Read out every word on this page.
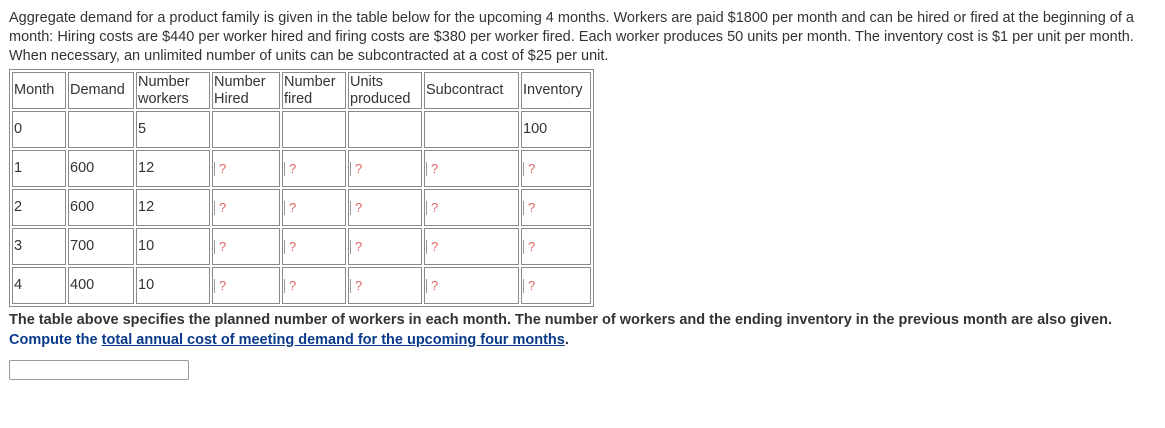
Aggregate demand for a product family is given in the table below for the upcoming 4 months. Workers are paid $1800 per month and can be hired or fired at the beginning of a month: Hiring costs are $440 per worker hired and firing costs are $380 per worker fired. Each worker produces 50 units per month. The inventory cost is $1 per unit per month. When necessary, an unlimited number of units can be subcontracted at a cost of $25 per unit.

Month	Demand	Number workers	Number Hired	Number fired	Units produced	Subcontract	Inventory
0		5					100
1	600	12	?	?	?	?	?
2	600	12	?	?	?	?	?
3	700	10	?	?	?	?	?
4	400	10	?	?	?	?	?
The table above specifies the planned number of workers in each month. The number of workers and the ending inventory in the previous month are also given. Compute the total annual cost of meeting demand for the upcoming four months.
